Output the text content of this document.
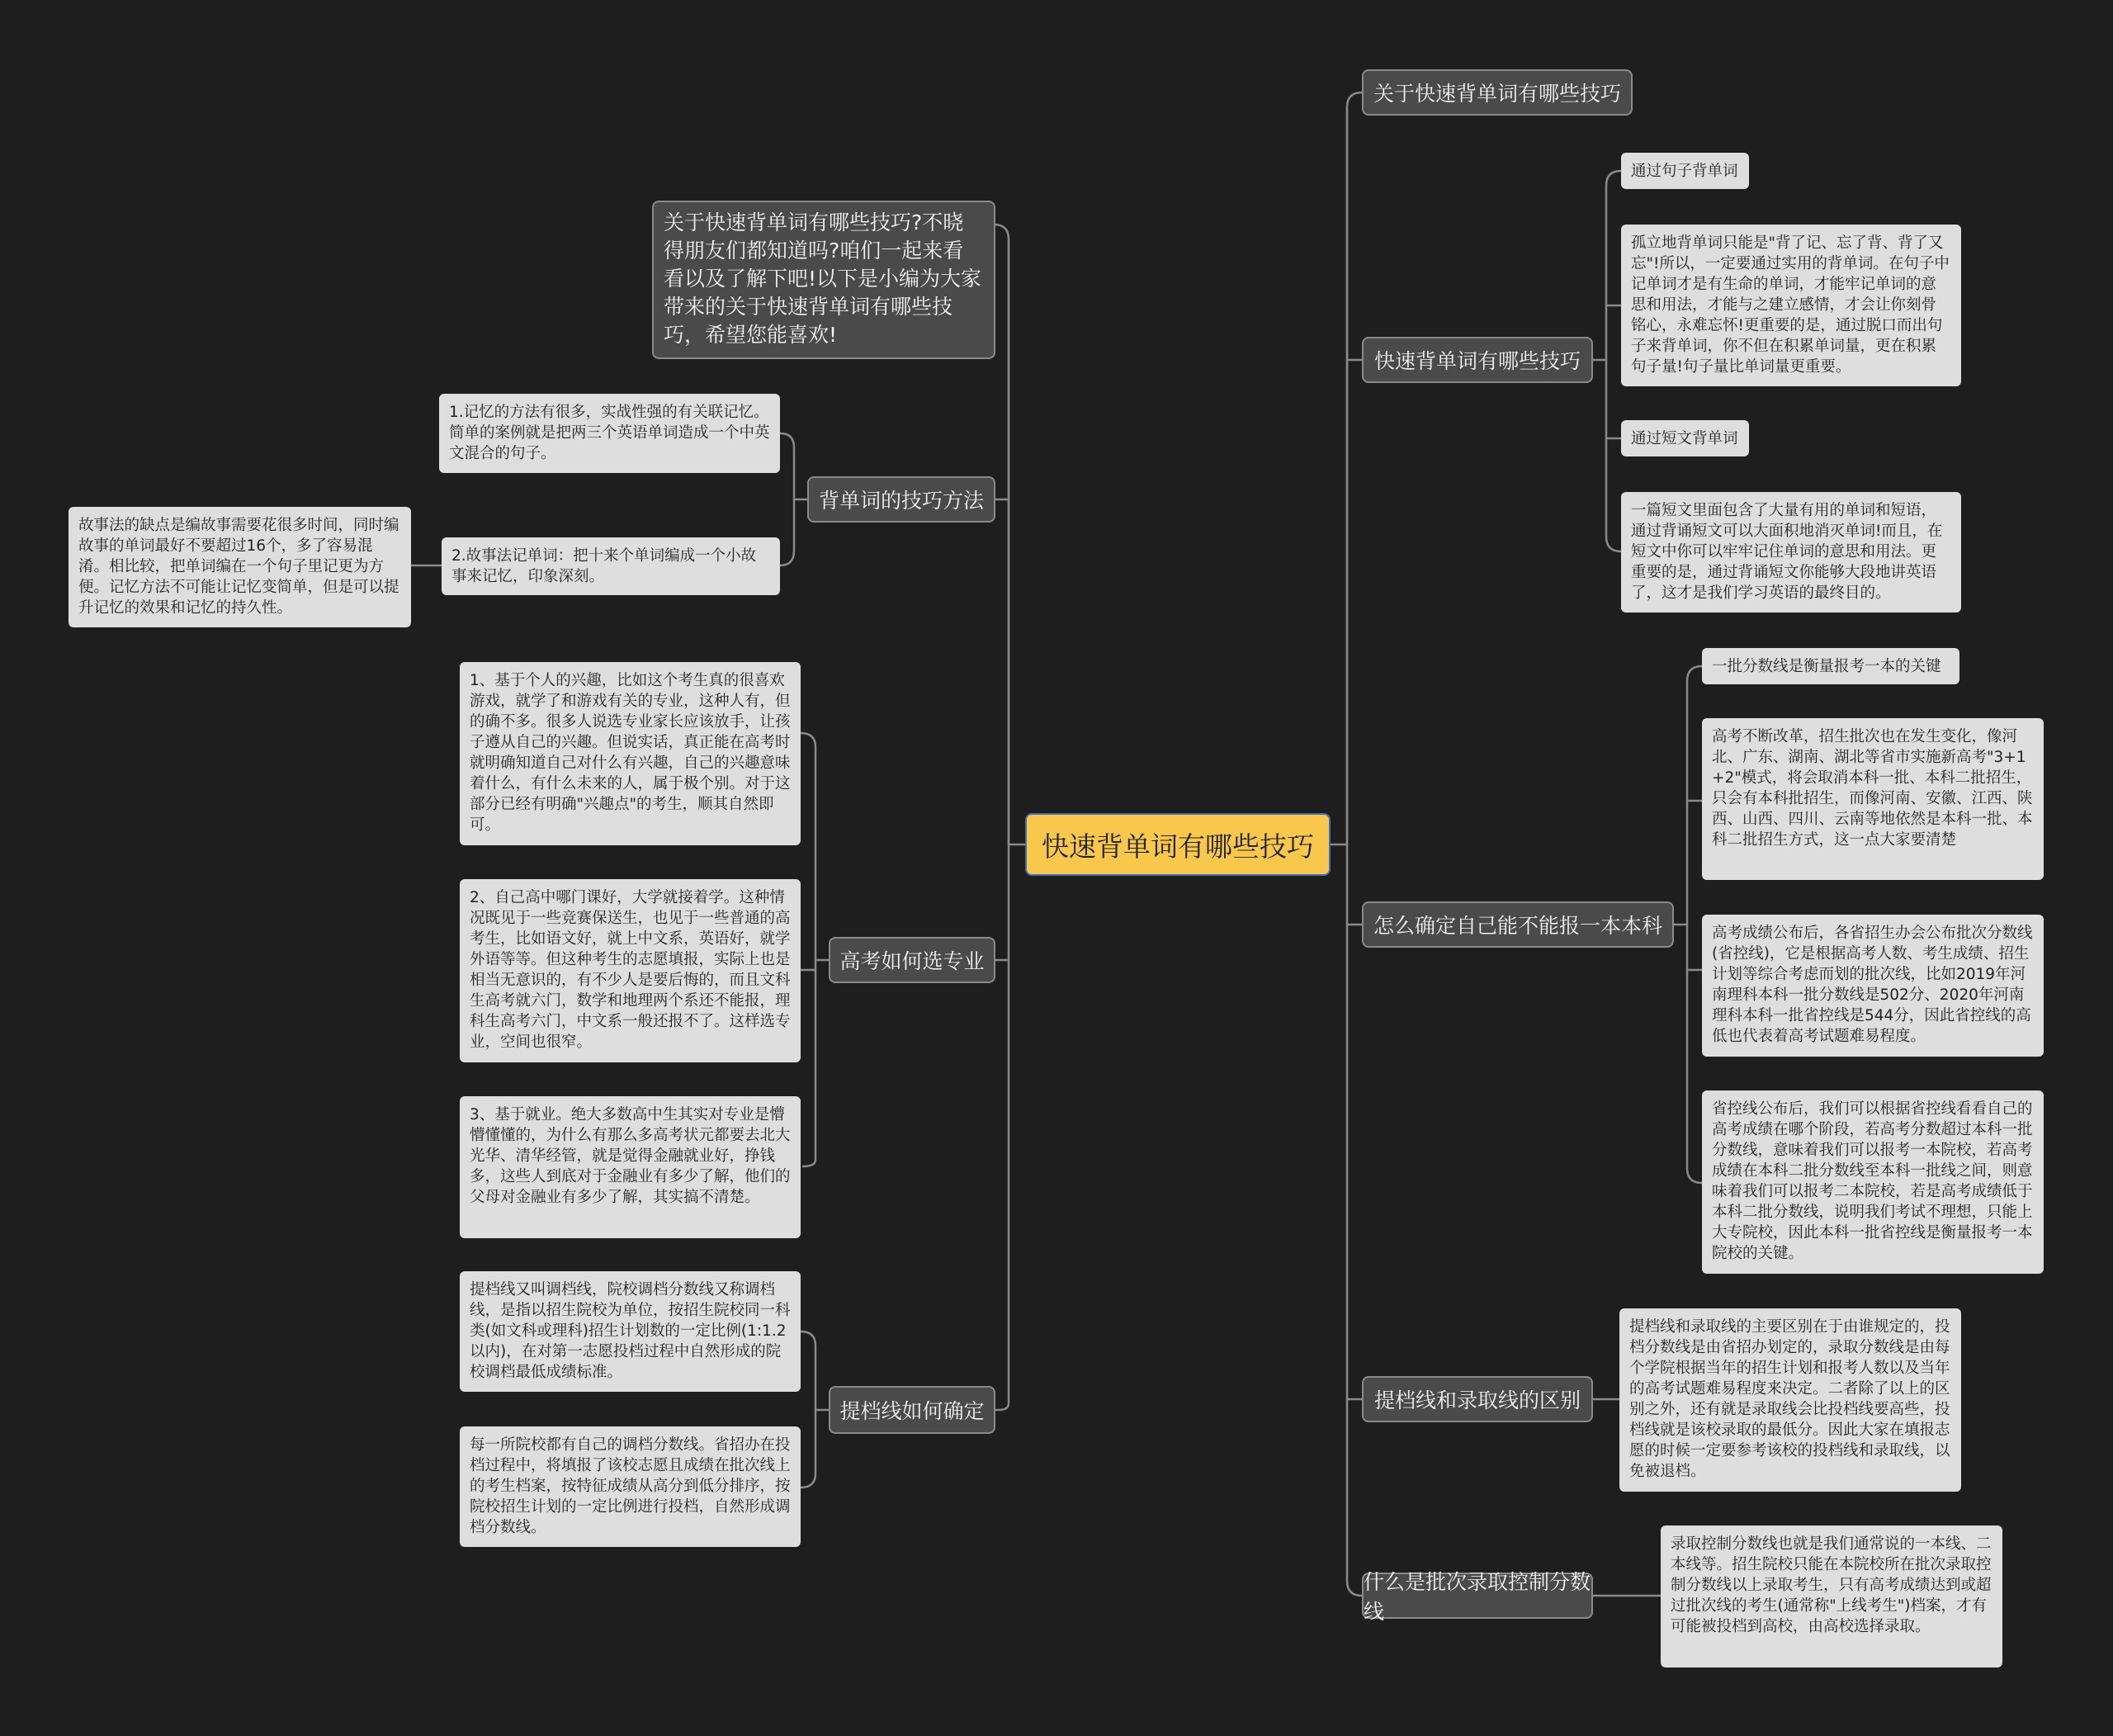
快速背单词有哪些技巧
关于快速背单词有哪些技巧?不晓得朋友们都知道吗?咱们一起来看看以及了解下吧!以下是小编为大家带来的关于快速背单词有哪些技巧，希望您能喜欢!
背单词的技巧方法
1.记忆的方法有很多，实战性强的有关联记忆。简单的案例就是把两三个英语单词造成一个中英文混合的句子。
2.故事法记单词：把十来个单词编成一个小故事来记忆，印象深刻。
故事法的缺点是编故事需要花很多时间，同时编故事的单词最好不要超过16个，多了容易混淆。相比较，把单词编在一个句子里记更为方便。记忆方法不可能让记忆变简单，但是可以提升记忆的效果和记忆的持久性。
高考如何选专业
1、基于个人的兴趣，比如这个考生真的很喜欢游戏，就学了和游戏有关的专业，这种人有，但的确不多。很多人说选专业家长应该放手，让孩子遵从自己的兴趣。但说实话，真正能在高考时就明确知道自己对什么有兴趣，自己的兴趣意味着什么，有什么未来的人，属于极个别。对于这部分已经有明确"兴趣点"的考生，顺其自然即可。
2、自己高中哪门课好，大学就接着学。这种情况既见于一些竞赛保送生，也见于一些普通的高考生，比如语文好，就上中文系，英语好，就学外语等等。但这种考生的志愿填报，实际上也是相当无意识的，有不少人是要后悔的，而且文科生高考就六门，数学和地理两个系还不能报，理科生高考六门，中文系一般还报不了。这样选专业，空间也很窄。
3、基于就业。绝大多数高中生其实对专业是懵懵懂懂的，为什么有那么多高考状元都要去北大光华、清华经管，就是觉得金融就业好，挣钱多，这些人到底对于金融业有多少了解，他们的父母对金融业有多少了解，其实搞不清楚。
提档线如何确定
提档线又叫调档线，院校调档分数线又称调档线，是指以招生院校为单位，按招生院校同一科类(如文科或理科)招生计划数的一定比例(1:1.2以内)，在对第一志愿投档过程中自然形成的院校调档最低成绩标准。
每一所院校都有自己的调档分数线。省招办在投档过程中，将填报了该校志愿且成绩在批次线上的考生档案，按特征成绩从高分到低分排序，按院校招生计划的一定比例进行投档，自然形成调档分数线。
关于快速背单词有哪些技巧
快速背单词有哪些技巧
通过句子背单词
孤立地背单词只能是"背了记、忘了背、背了又忘"!所以，一定要通过实用的背单词。在句子中记单词才是有生命的单词，才能牢记单词的意思和用法，才能与之建立感情，才会让你刻骨铭心，永难忘怀!更重要的是，通过脱口而出句子来背单词，你不但在积累单词量，更在积累句子量!句子量比单词量更重要。
通过短文背单词
一篇短文里面包含了大量有用的单词和短语，通过背诵短文可以大面积地消灭单词!而且，在短文中你可以牢牢记住单词的意思和用法。更重要的是，通过背诵短文你能够大段地讲英语了，这才是我们学习英语的最终目的。
怎么确定自己能不能报一本本科
一批分数线是衡量报考一本的关键
高考不断改革，招生批次也在发生变化，像河北、广东、湖南、湖北等省市实施新高考"3+1+2"模式，将会取消本科一批、本科二批招生，只会有本科批招生，而像河南、安徽、江西、陕西、山西、四川、云南等地依然是本科一批、本科二批招生方式，这一点大家要清楚
高考成绩公布后，各省招生办会公布批次分数线(省控线)，它是根据高考人数、考生成绩、招生计划等综合考虑而划的批次线，比如2019年河南理科本科一批分数线是502分、2020年河南理科本科一批省控线是544分，因此省控线的高低也代表着高考试题难易程度。
省控线公布后，我们可以根据省控线看看自己的高考成绩在哪个阶段，若高考分数超过本科一批分数线，意味着我们可以报考一本院校，若高考成绩在本科二批分数线至本科一批线之间，则意味着我们可以报考二本院校，若是高考成绩低于本科二批分数线，说明我们考试不理想，只能上大专院校，因此本科一批省控线是衡量报考一本院校的关键。
提档线和录取线的区别
提档线和录取线的主要区别在于由谁规定的，投档分数线是由省招办划定的，录取分数线是由每个学院根据当年的招生计划和报考人数以及当年的高考试题难易程度来决定。二者除了以上的区别之外，还有就是录取线会比投档线要高些，投档线就是该校录取的最低分。因此大家在填报志愿的时候一定要参考该校的投档线和录取线，以免被退档。
什么是批次录取控制分数线
录取控制分数线也就是我们通常说的一本线、二本线等。招生院校只能在本院校所在批次录取控制分数线以上录取考生，只有高考成绩达到或超过批次线的考生(通常称"上线考生")档案，才有可能被投档到高校，由高校选择录取。
